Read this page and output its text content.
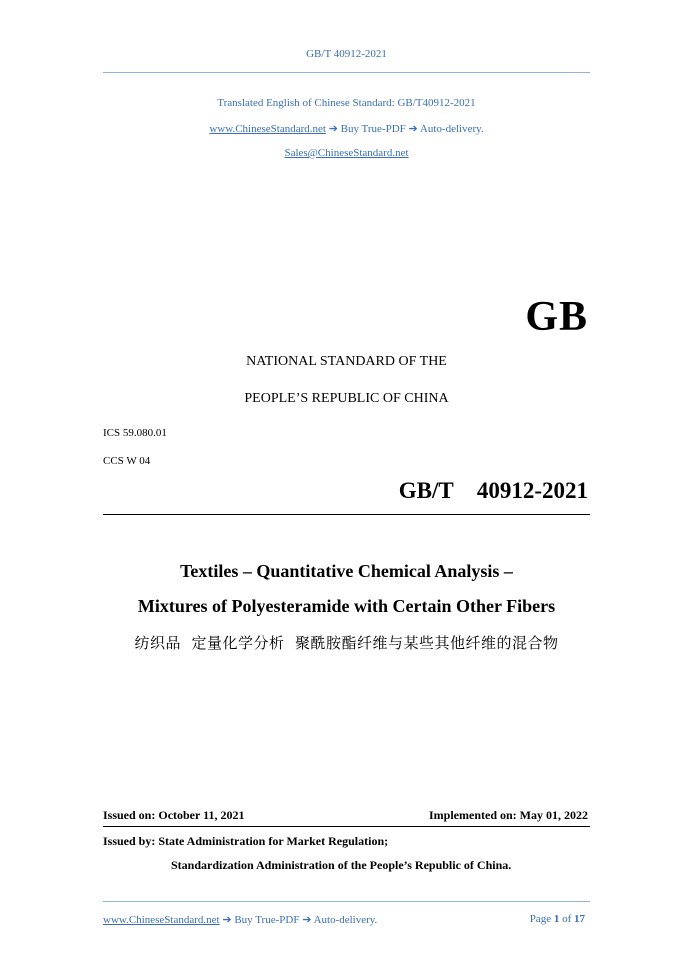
GB/T 40912-2021
Translated English of Chinese Standard: GB/T40912-2021
www.ChineseStandard.net ➔ Buy True-PDF ➔ Auto-delivery.
Sales@ChineseStandard.net
GB
NATIONAL STANDARD OF THE
PEOPLE’S REPUBLIC OF CHINA
ICS 59.080.01
CCS W 04
GB/T  40912-2021
Textiles – Quantitative Chemical Analysis –
Mixtures of Polyesteramide with Certain Other Fibers
纺织品  定量化学分析  聚酰胺酯纤维与某些其他纤维的混合物
Issued on: October 11, 2021	Implemented on: May 01, 2022
Issued by: State Administration for Market Regulation;
Standardization Administration of the People’s Republic of China.
www.ChineseStandard.net ➔ Buy True-PDF ➔ Auto-delivery.	Page 1 of 17
